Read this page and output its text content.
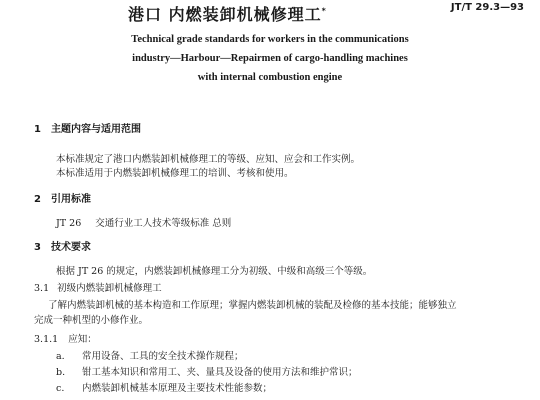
港口 内燃装卸机械修理工*	JT/T 29.3—93
Technical grade standards for workers in the communications
industry—Harbour—Repairmen of cargo-handling machines
with internal combustion engine
1 主题内容与适用范围
本标准规定了港口内燃装卸机械修理工的等级、应知、应会和工作实例。
本标准适用于内燃装卸机械修理工的培训、考核和使用。
2 引用标准
JT 26 交通行业工人技术等级标准 总则
3 技术要求
根据 JT 26 的规定，内燃装卸机械修理工分为初级、中级和高级三个等级。
3.1 初级内燃装卸机械修理工
了解内燃装卸机械的基本构造和工作原理；掌握内燃装卸机械的装配及检修的基本技能；能够独立
完成一种机型的小修作业。
3.1.1 应知：
a. 常用设备、工具的安全技术操作规程；
b. 钳工基本知识和常用工、夹、量具及设备的使用方法和维护常识；
c. 内燃装卸机械基本原理及主要技术性能参数；
